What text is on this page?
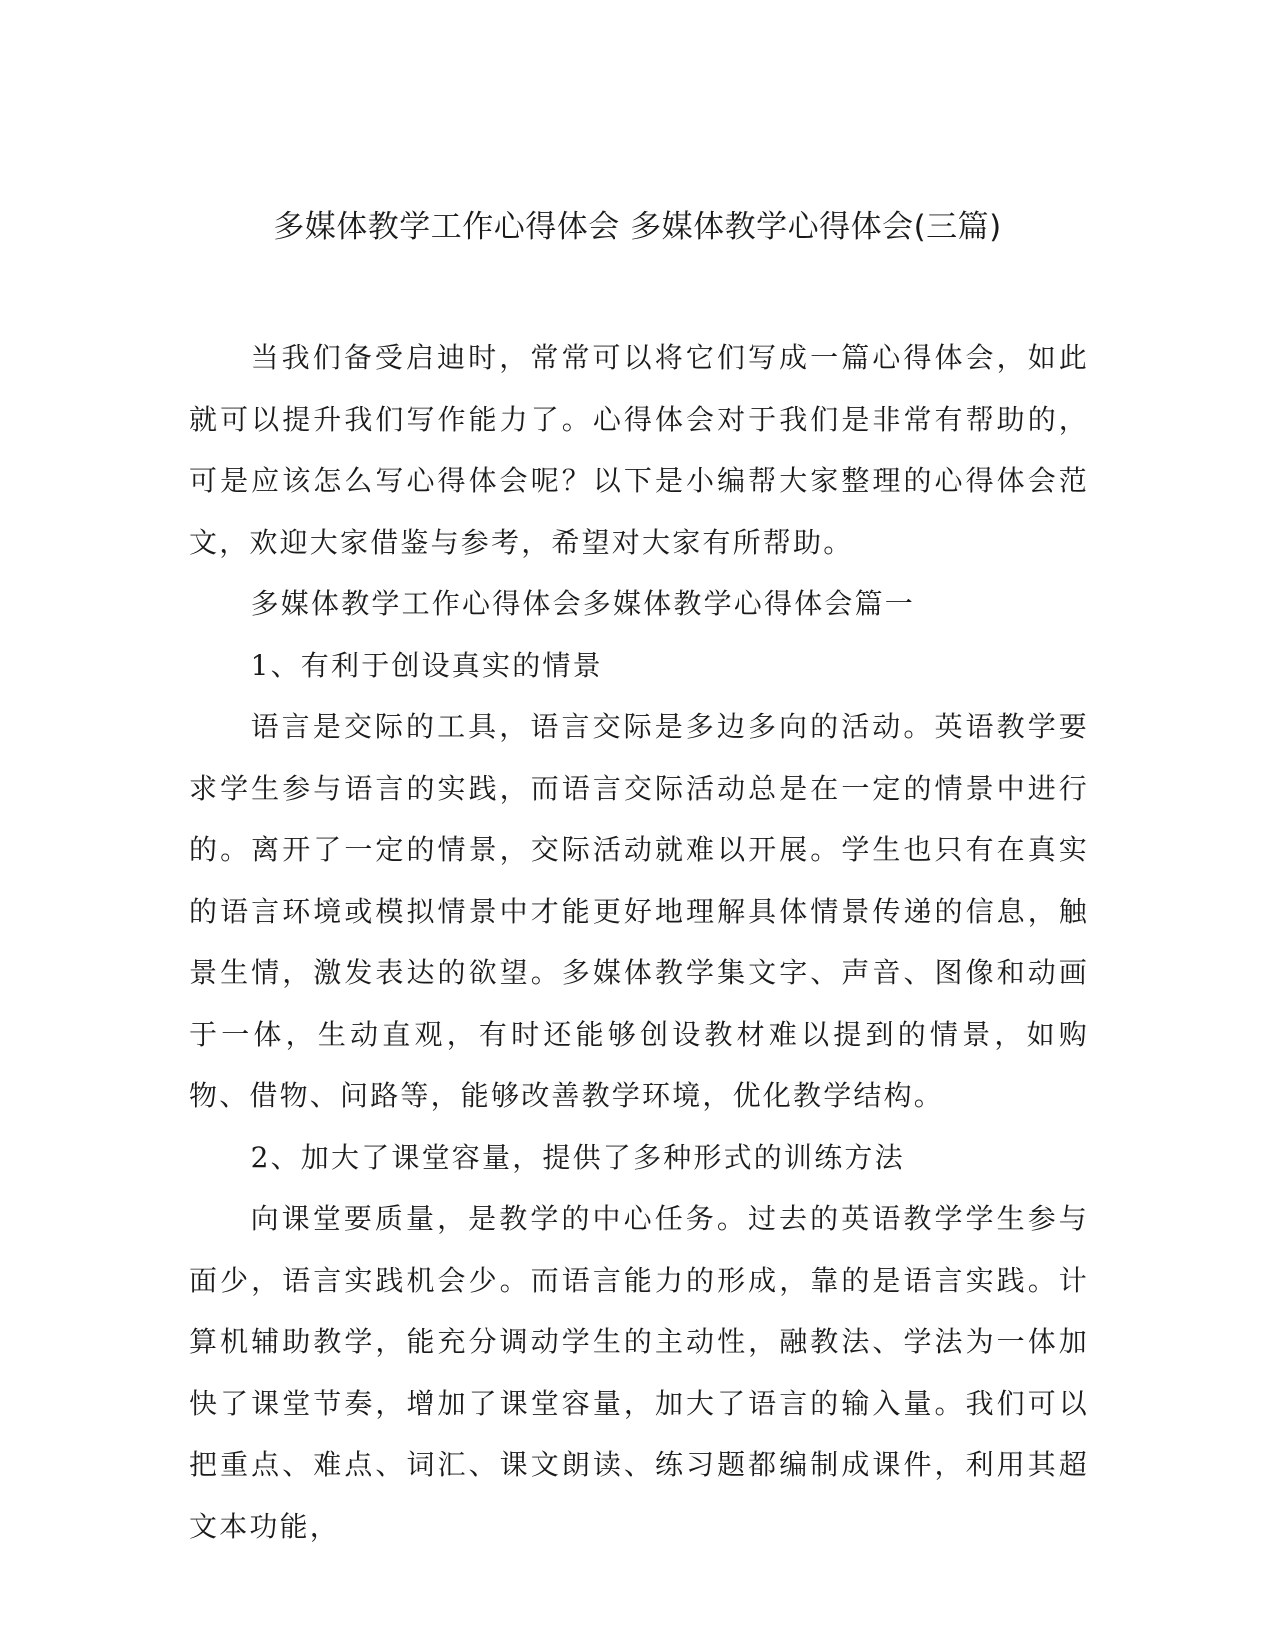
多媒体教学工作心得体会 多媒体教学心得体会(三篇)

当我们备受启迪时，常常可以将它们写成一篇心得体会，如此就可以提升我们写作能力了。心得体会对于我们是非常有帮助的，可是应该怎么写心得体会呢？以下是小编帮大家整理的心得体会范文，欢迎大家借鉴与参考，希望对大家有所帮助。

多媒体教学工作心得体会多媒体教学心得体会篇一

1、有利于创设真实的情景

语言是交际的工具，语言交际是多边多向的活动。英语教学要求学生参与语言的实践，而语言交际活动总是在一定的情景中进行的。离开了一定的情景，交际活动就难以开展。学生也只有在真实的语言环境或模拟情景中才能更好地理解具体情景传递的信息，触景生情，激发表达的欲望。多媒体教学集文字、声音、图像和动画于一体，生动直观，有时还能够创设教材难以提到的情景，如购物、借物、问路等，能够改善教学环境，优化教学结构。

2、加大了课堂容量，提供了多种形式的训练方法

向课堂要质量，是教学的中心任务。过去的英语教学学生参与面少，语言实践机会少。而语言能力的形成，靠的是语言实践。计算机辅助教学，能充分调动学生的主动性，融教法、学法为一体加快了课堂节奏，增加了课堂容量，加大了语言的输入量。我们可以把重点、难点、词汇、课文朗读、练习题都编制成课件，利用其超文本功能，
